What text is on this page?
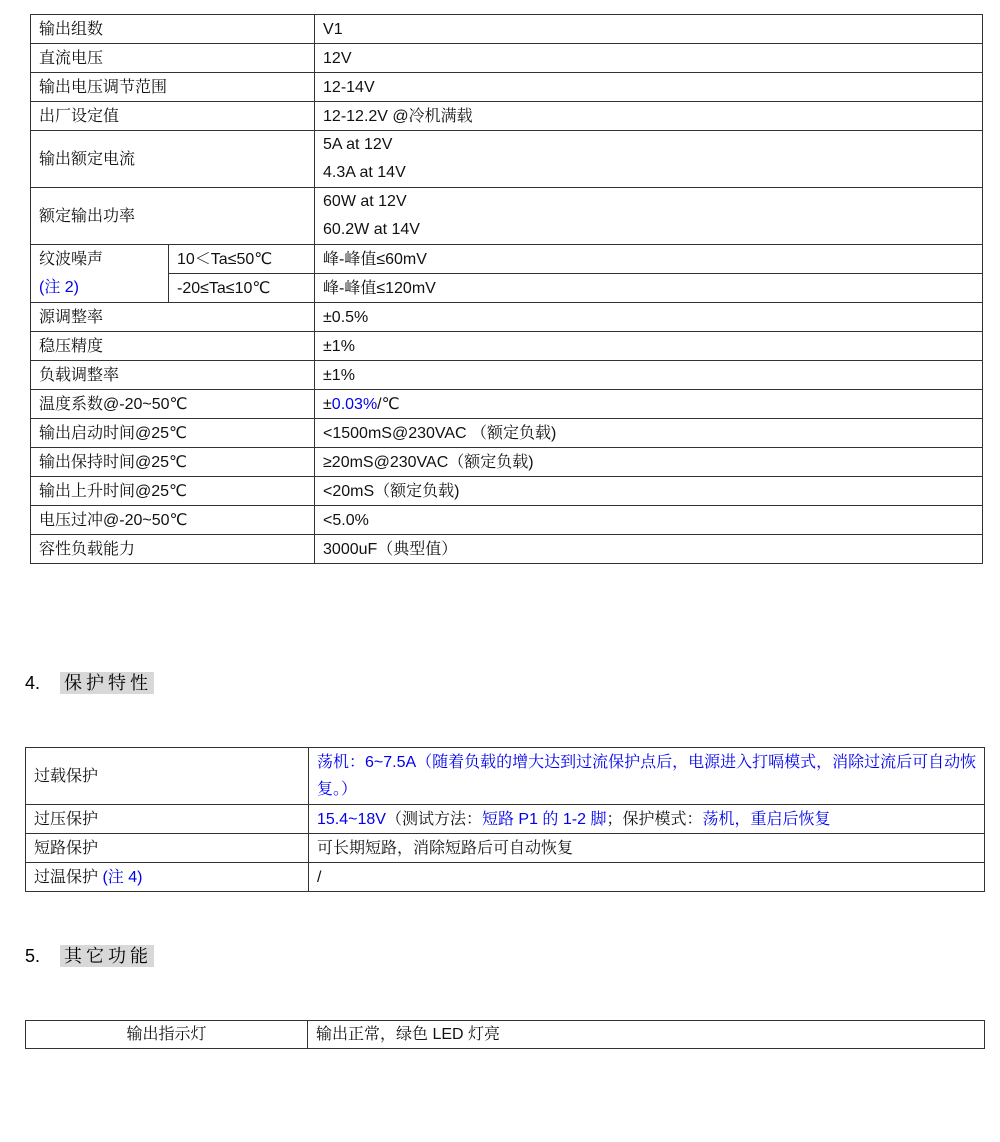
输出组数		V1
直流电压		12V
输出电压调节范围		12-14V
出厂设定值		12-12.2V @冷机满载
输出额定电流		5A at 12V
4.3A at 14V

额定输出功率		60W at 12V
60.2W at 14V

纹波噪声
(注 2)	10＜Ta≤50℃	峰-峰值≤60mV
	-20≤Ta≤10℃	峰-峰值≤120mV
源调整率		±0.5%
稳压精度		±1%
负载调整率		±1%
温度系数@-20~50℃		±0.03%/℃
输出启动时间@25℃		<1500mS@230VAC （额定负载)
输出保持时间@25℃		≥20mS@230VAC（额定负载)
输出上升时间@25℃		<20mS（额定负载)
电压过冲@-20~50℃		<5.0%
容性负载能力		3000uF（典型值）
4. 保护特性
过载保护	荡机：6~7.5A（随着负载的增大达到过流保护点后，电源进入打嗝模式，消除过流后可自动恢复。）
过压保护	15.4~18V（测试方法：短路 P1 的 1-2 脚；保护模式：荡机，重启后恢复
短路保护	可长期短路，消除短路后可自动恢复
过温保护 (注 4)	/
5. 其它功能
输出指示灯	输出正常，绿色 LED 灯亮
